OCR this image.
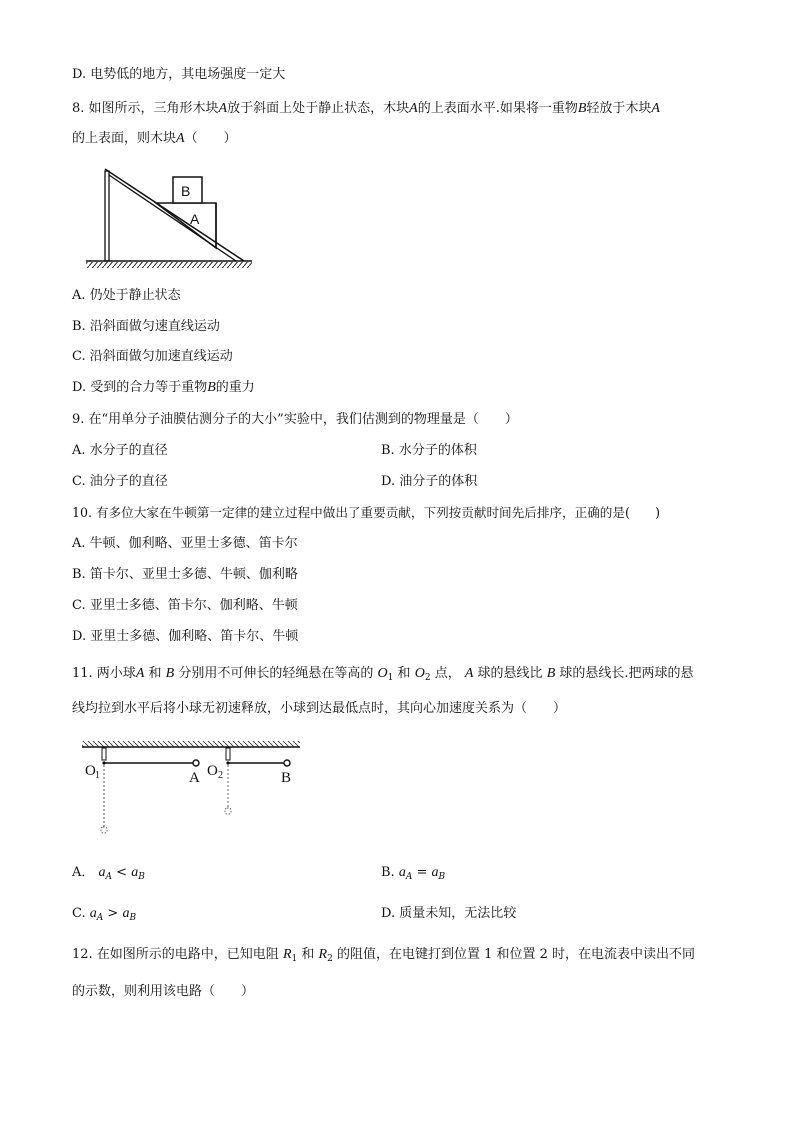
D. 电势低的地方，其电场强度一定大
8. 如图所示，三角形木块A放于斜面上处于静止状态，木块A的上表面水平.如果将一重物B轻放于木块A
的上表面，则木块A（　　）
A
B
A. 仍处于静止状态
B. 沿斜面做匀速直线运动
C. 沿斜面做匀加速直线运动
D. 受到的合力等于重物B的重力
9. 在“用单分子油膜估测分子的大小”实验中，我们估测到的物理量是（　　）
A. 水分子的直径	B. 水分子的体积
C. 油分子的直径	D. 油分子的体积
10. 有多位大家在牛顿第一定律的建立过程中做出了重要贡献，下列按贡献时间先后排序，正确的是(　　)
A. 牛顿、伽利略、亚里士多德、笛卡尔
B. 笛卡尔、亚里士多德、牛顿、伽利略
C. 亚里士多德、笛卡尔、伽利略、牛顿
D. 亚里士多德、伽利略、笛卡尔、牛顿
11. 两小球A 和 B 分别用不可伸长的轻绳悬在等高的 $O_1$ 和 $O_2$ 点， A 球的悬线比 B 球的悬线长.把两球的悬
线均拉到水平后将小球无初速释放，小球到达最低点时，其向心加速度关系为（　　）
O 1	A O 2	B
A． $a_A < a_B$	B. $a_A = a_B$
C. $a_A > a_B$	D. 质量未知，无法比较
12. 在如图所示的电路中，已知电阻 $R_1$ 和 $R_2$ 的阻值，在电键打到位置 1 和位置 2 时，在电流表中读出不同
的示数，则利用该电路（　　）
